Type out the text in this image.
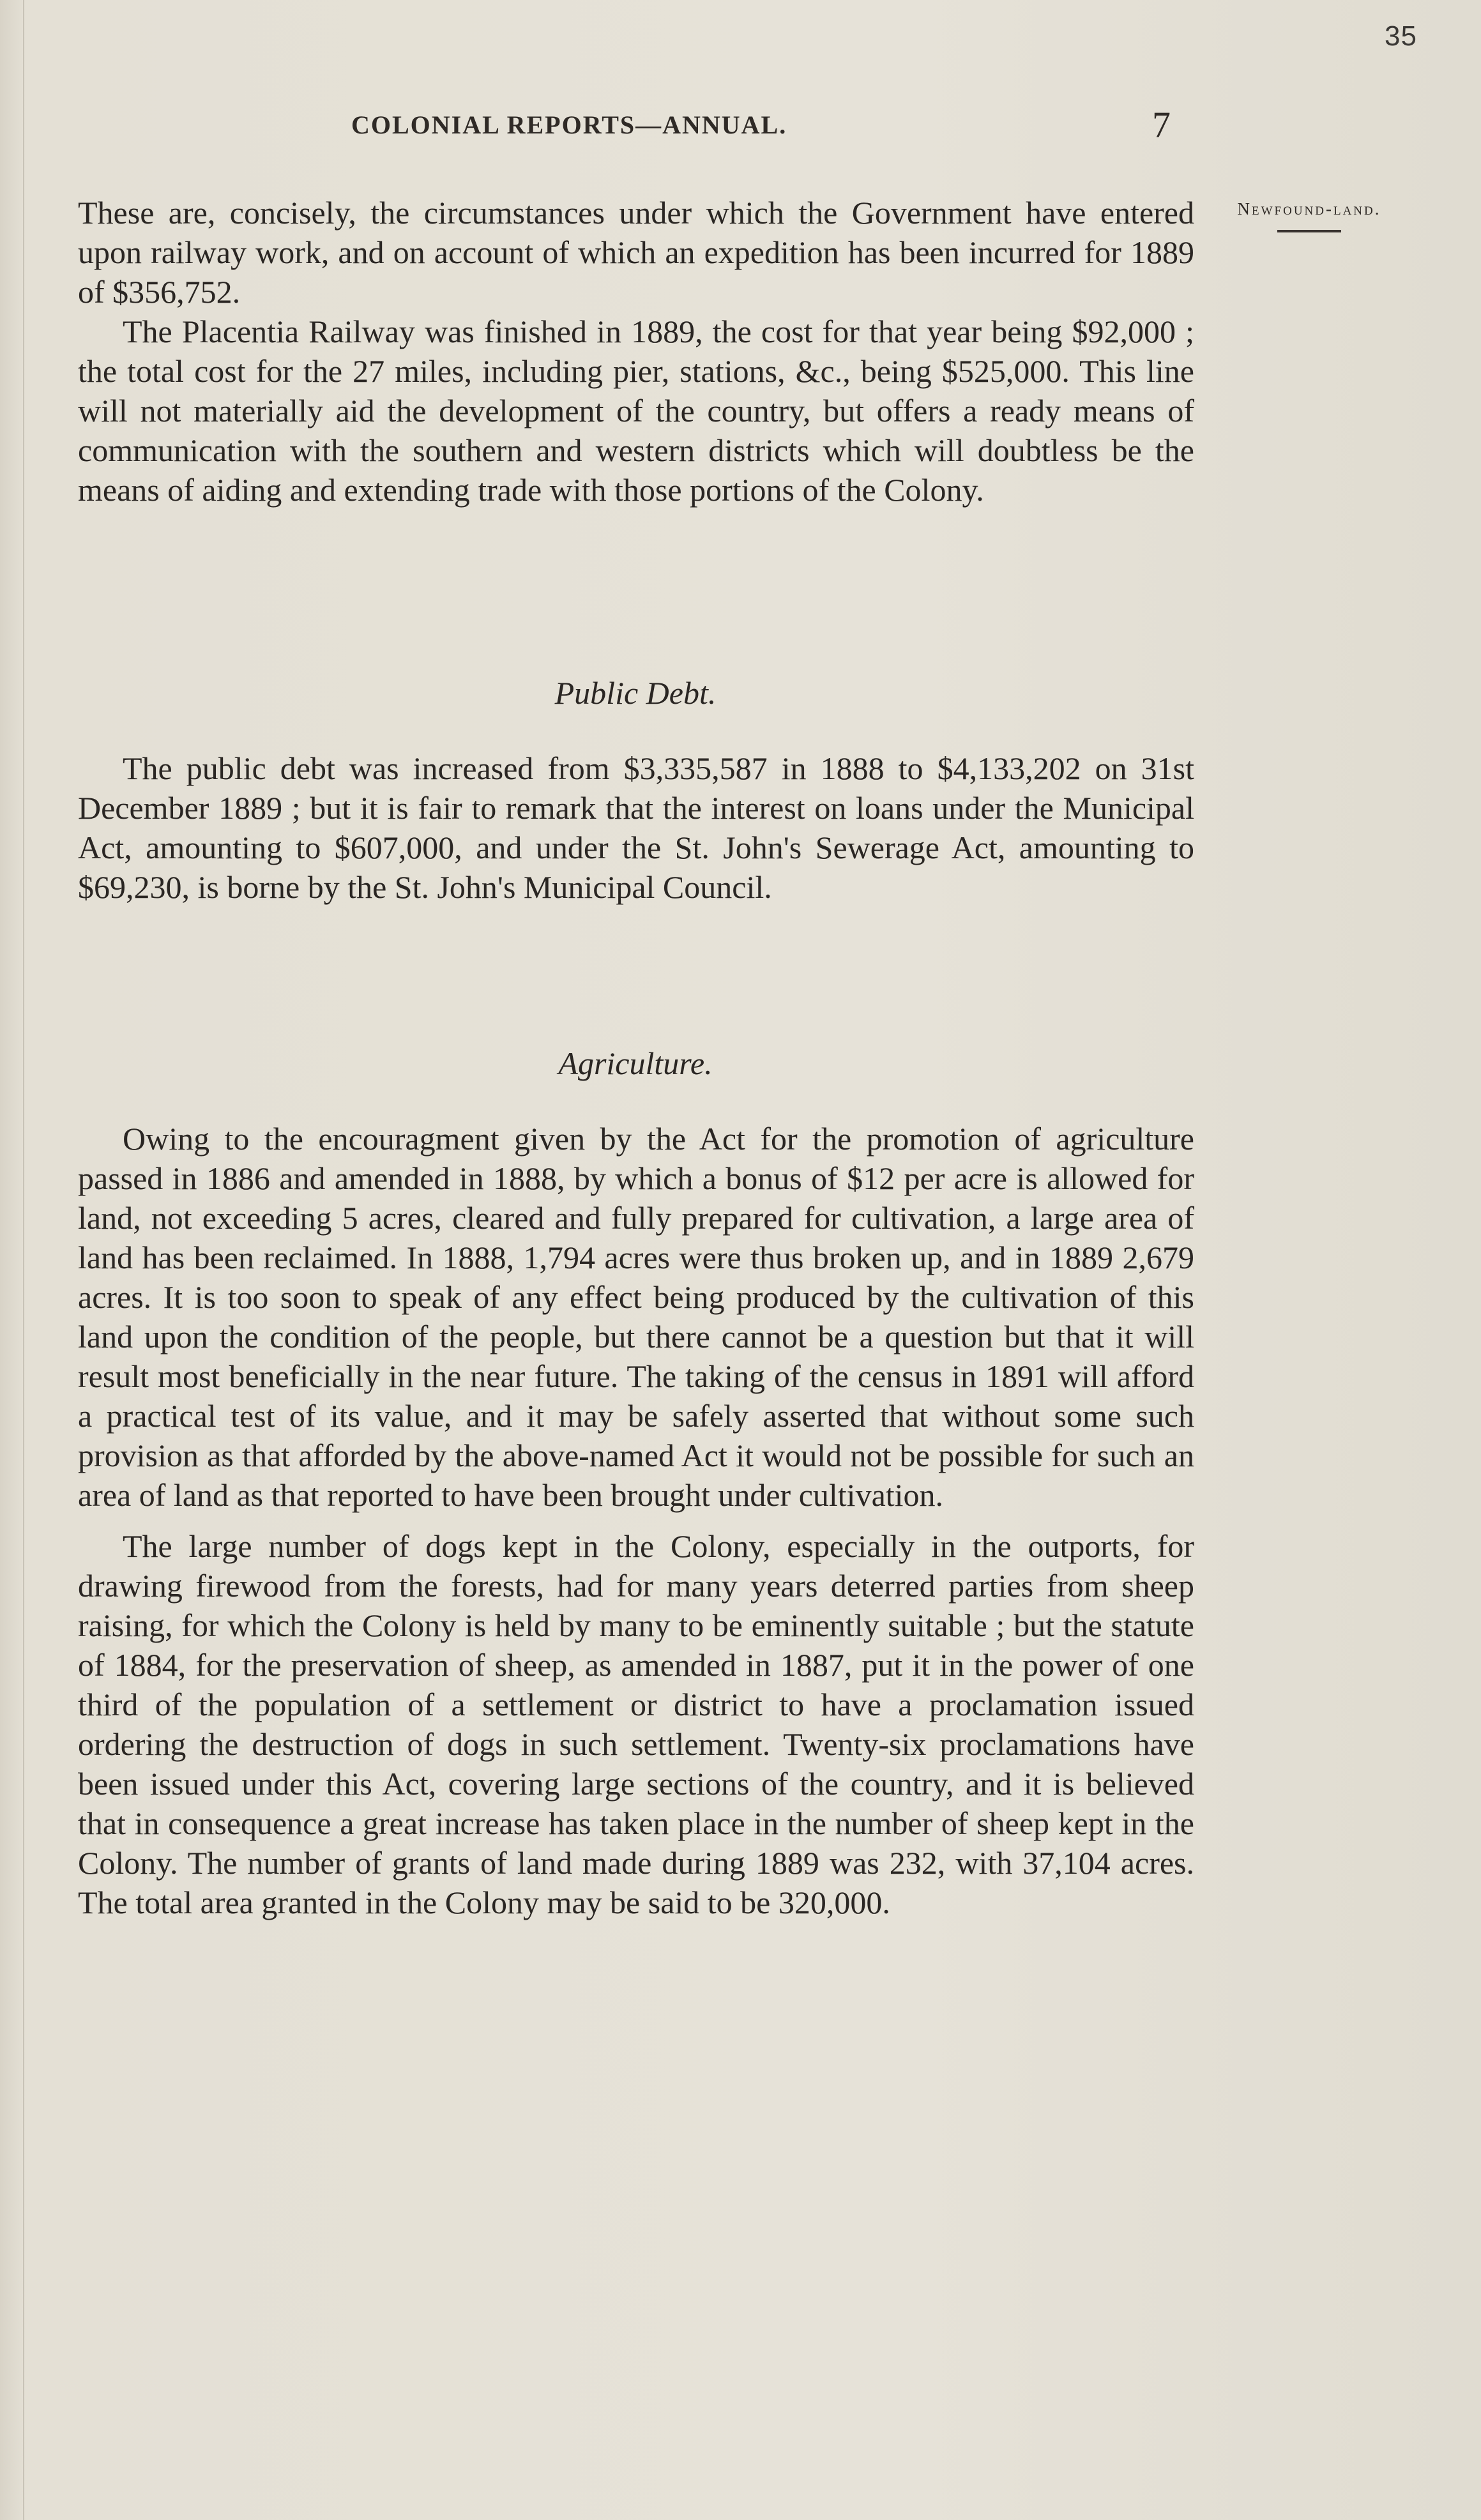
35
COLONIAL REPORTS—ANNUAL.	7
Newfound-land.

These are, concisely, the circumstances under which the Government have entered upon railway work, and on account of which an expedition has been incurred for 1889 of $356,752.

The Placentia Railway was finished in 1889, the cost for that year being $92,000 ; the total cost for the 27 miles, including pier, stations, &c., being $525,000. This line will not materially aid the development of the country, but offers a ready means of communication with the southern and western districts which will doubtless be the means of aiding and extending trade with those portions of the Colony.

Public Debt.

The public debt was increased from $3,335,587 in 1888 to $4,133,202 on 31st December 1889 ; but it is fair to remark that the interest on loans under the Municipal Act, amounting to $607,000, and under the St. John's Sewerage Act, amounting to $69,230, is borne by the St. John's Municipal Council.

Agriculture.

Owing to the encouragment given by the Act for the promotion of agriculture passed in 1886 and amended in 1888, by which a bonus of $12 per acre is allowed for land, not exceeding 5 acres, cleared and fully prepared for cultivation, a large area of land has been reclaimed. In 1888, 1,794 acres were thus broken up, and in 1889 2,679 acres. It is too soon to speak of any effect being produced by the cultivation of this land upon the condition of the people, but there cannot be a question but that it will result most beneficially in the near future. The taking of the census in 1891 will afford a practical test of its value, and it may be safely asserted that without some such provision as that afforded by the above-named Act it would not be possible for such an area of land as that reported to have been brought under cultivation.

The large number of dogs kept in the Colony, especially in the outports, for drawing firewood from the forests, had for many years deterred parties from sheep raising, for which the Colony is held by many to be eminently suitable ; but the statute of 1884, for the preservation of sheep, as amended in 1887, put it in the power of one third of the population of a settlement or district to have a proclamation issued ordering the destruction of dogs in such settlement. Twenty-six proclamations have been issued under this Act, covering large sections of the country, and it is believed that in consequence a great increase has taken place in the number of sheep kept in the Colony. The number of grants of land made during 1889 was 232, with 37,104 acres. The total area granted in the Colony may be said to be 320,000.
